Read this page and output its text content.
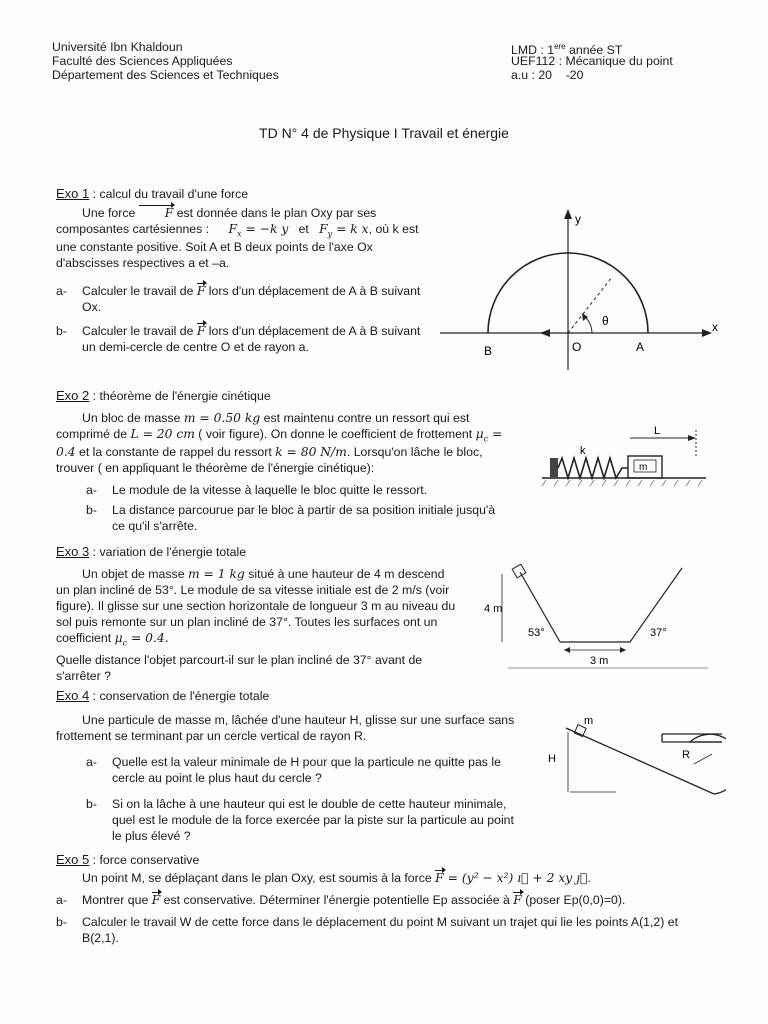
Université Ibn Khaldoun
Faculté des Sciences Appliquées
Département des Sciences et Techniques
LMD : 1ere année ST
UEF112 : Mécanique du point
a.u : 20    -20
TD N° 4 de Physique I Travail et énergie
Exo 1 : calcul du travail d'une force

Une force F est donnée dans le plan Oxy par ses composantes cartésiennes : $F_x = -k$ y et $F_y = k$ x, où k est une constante positive. Soit A et B deux points de l'axe Ox d'abscisses respectives a et –a.

a-	Calculer le travail de F lors d'un déplacement de A à B suivant Ox.
b-	Calculer le travail de F lors d'un déplacement de A à B suivant un demi-cercle de centre O et de rayon a.
y
x
θ
B	O	A
Exo 2 : théorème de l'énergie cinétique

Un bloc de masse m = 0.50 kg est maintenu contre un ressort qui est comprimé de L = 20 cm ( voir figure). On donne le coefficient de frottement $\mu_c = 0.4$ et la constante de rappel du ressort k = 80 N/m. Lorsqu'on lâche le bloc, trouver ( en appliquant le théorème de l'énergie cinétique):

a-	Le module de la vitesse à laquelle le bloc quitte le ressort.
b-	La distance parcourue par le bloc à partir de sa position initiale jusqu'à ce qu'il s'arrête.
k
m
L
Exo 3 : variation de l'énergie totale

Un objet de masse m = 1 kg situé à une hauteur de 4 m descend un plan incliné de 53°. Le module de sa vitesse initiale est de 2 m/s (voir figure). Il glisse sur une section horizontale de longueur 3 m au niveau du sol puis remonte sur un plan incliné de 37°. Toutes les surfaces ont un coefficient $\mu_c = 0.4$.

Quelle distance l'objet parcourt-il sur le plan incliné de 37° avant de s'arrêter ?

4 m
53°	37°
3 m
Exo 4 : conservation de l'énergie totale

Une particule de masse m, lâchée d'une hauteur H, glisse sur une surface sans frottement se terminant par un cercle vertical de rayon R.

a-	Quelle est la valeur minimale de H pour que la particule ne quitte pas le cercle au point le plus haut du cercle ?
b-	Si on la lâche à une hauteur qui est le double de cette hauteur minimale, quel est le module de la force exercée par la piste sur la particule au point le plus élevé ?
m
H	R
Exo 5 : force conservative

Un point M, se déplaçant dans le plan Oxy, est soumis à la force F = (y² − x²) ı⃗ + 2 xy ȷ⃗.

a-	Montrer que F est conservative. Déterminer l'énergie potentielle Ep associée à F (poser Ep(0,0)=0).
b-	Calculer le travail W de cette force dans le déplacement du point M suivant un trajet qui lie les points A(1,2) et B(2,1).
